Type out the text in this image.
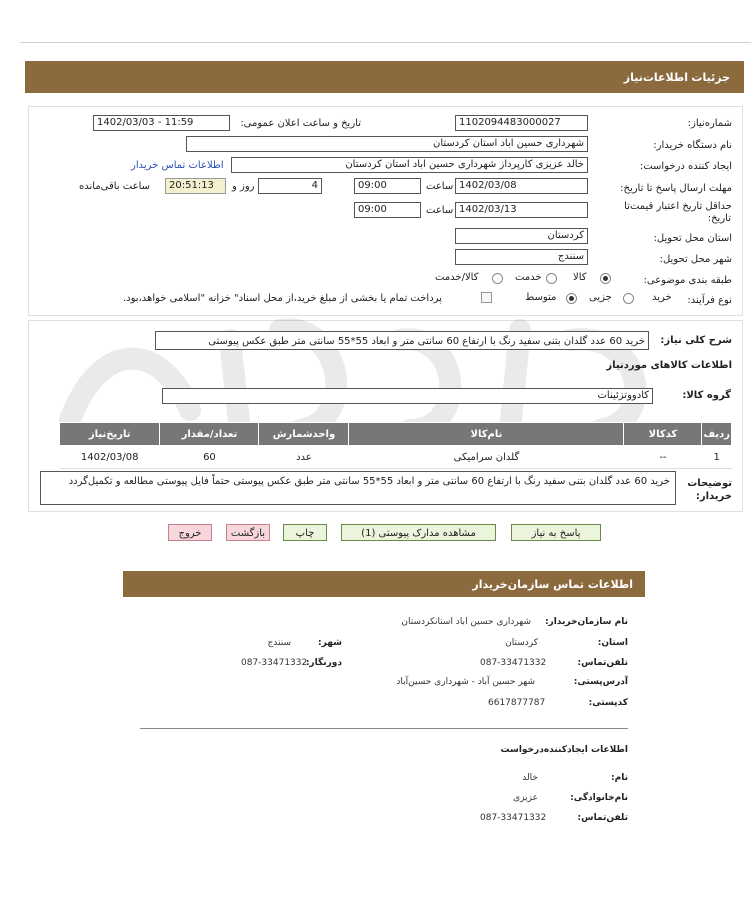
جزئیات
اطلاعات‌نیاز
شماره‌نیاز:
1102094483000027
تاریخ و ساعت اعلان عمومی:
1402/03/03 - 11:59
نام دستگاه خریدار:
شهرداری حسین اباد استان کردستان
ایجاد کننده درخواست:
خالد عزیزی کارپرداز شهرداری حسین اباد استان کردستان
اطلاعات تماس خریدار
مهلت ارسال پاسخ تا تاریخ:
1402/03/08
ساعت
09:00
4
روز و
20:51:13
ساعت باقی‌مانده
حداقل تاریخ اعتبار قیمت‌تا
تاریخ:
1402/03/13
ساعت
09:00
استان محل تحویل:
کردستان
شهر محل تحویل:
سنندج
طبقه بندی موضوعی:
کالا
خدمت
کالا/خدمت
نوع فرآیند:
خرید
جزیی
متوسط
پرداخت تمام یا بخشی از مبلغ خرید،از محل اسناد" خزانه "اسلامی خواهد،بود.
شرح کلی نیاز:
خرید 60 عدد گلدان بتنی سفید رنگ با ارتفاع 60 سانتی متر و ابعاد 55*55 سانتی متر طبق عکس پیوستی
اطلاعات کالاهای موردنیاز
گروه کالا:
کادووتزئینات
ردیف	کدکالا	نام‌کالا	واحدشمارش	تعداد/مقدار	تاریخ‌نیاز
1	--	گلدان سرامیکی	عدد	60	1402/03/08
توضیحات
خریدار:
خرید 60 عدد گلدان بتنی سفید رنگ با ارتفاع 60 سانتی متر و ابعاد 55*55 سانتی متر طبق عکس پیوستی حتماً فایل پیوستی مطالعه و تکمیل‌گردد
پاسخ به نیاز
مشاهده مدارک پیوستی (1)
چاپ
بازگشت
خروج
اطلاعات تماس سازمان‌خریدار
نام سازمان‌خریدار:
شهرداری حسین اباد استانکردستان
استان:
کردستان
شهر:
سنندج
تلفن‌تماس:
087-33471332
دورنگار:
087-33471332
آدرس‌پستی:
شهر حسین آباد - شهرداری حسین‌آباد
کدپستی:
6617877787
اطلاعات ایجادکننده‌درخواست
نام:
خالد
نام‌خانوادگی:
عزیزی
تلفن‌تماس:
087-33471332
